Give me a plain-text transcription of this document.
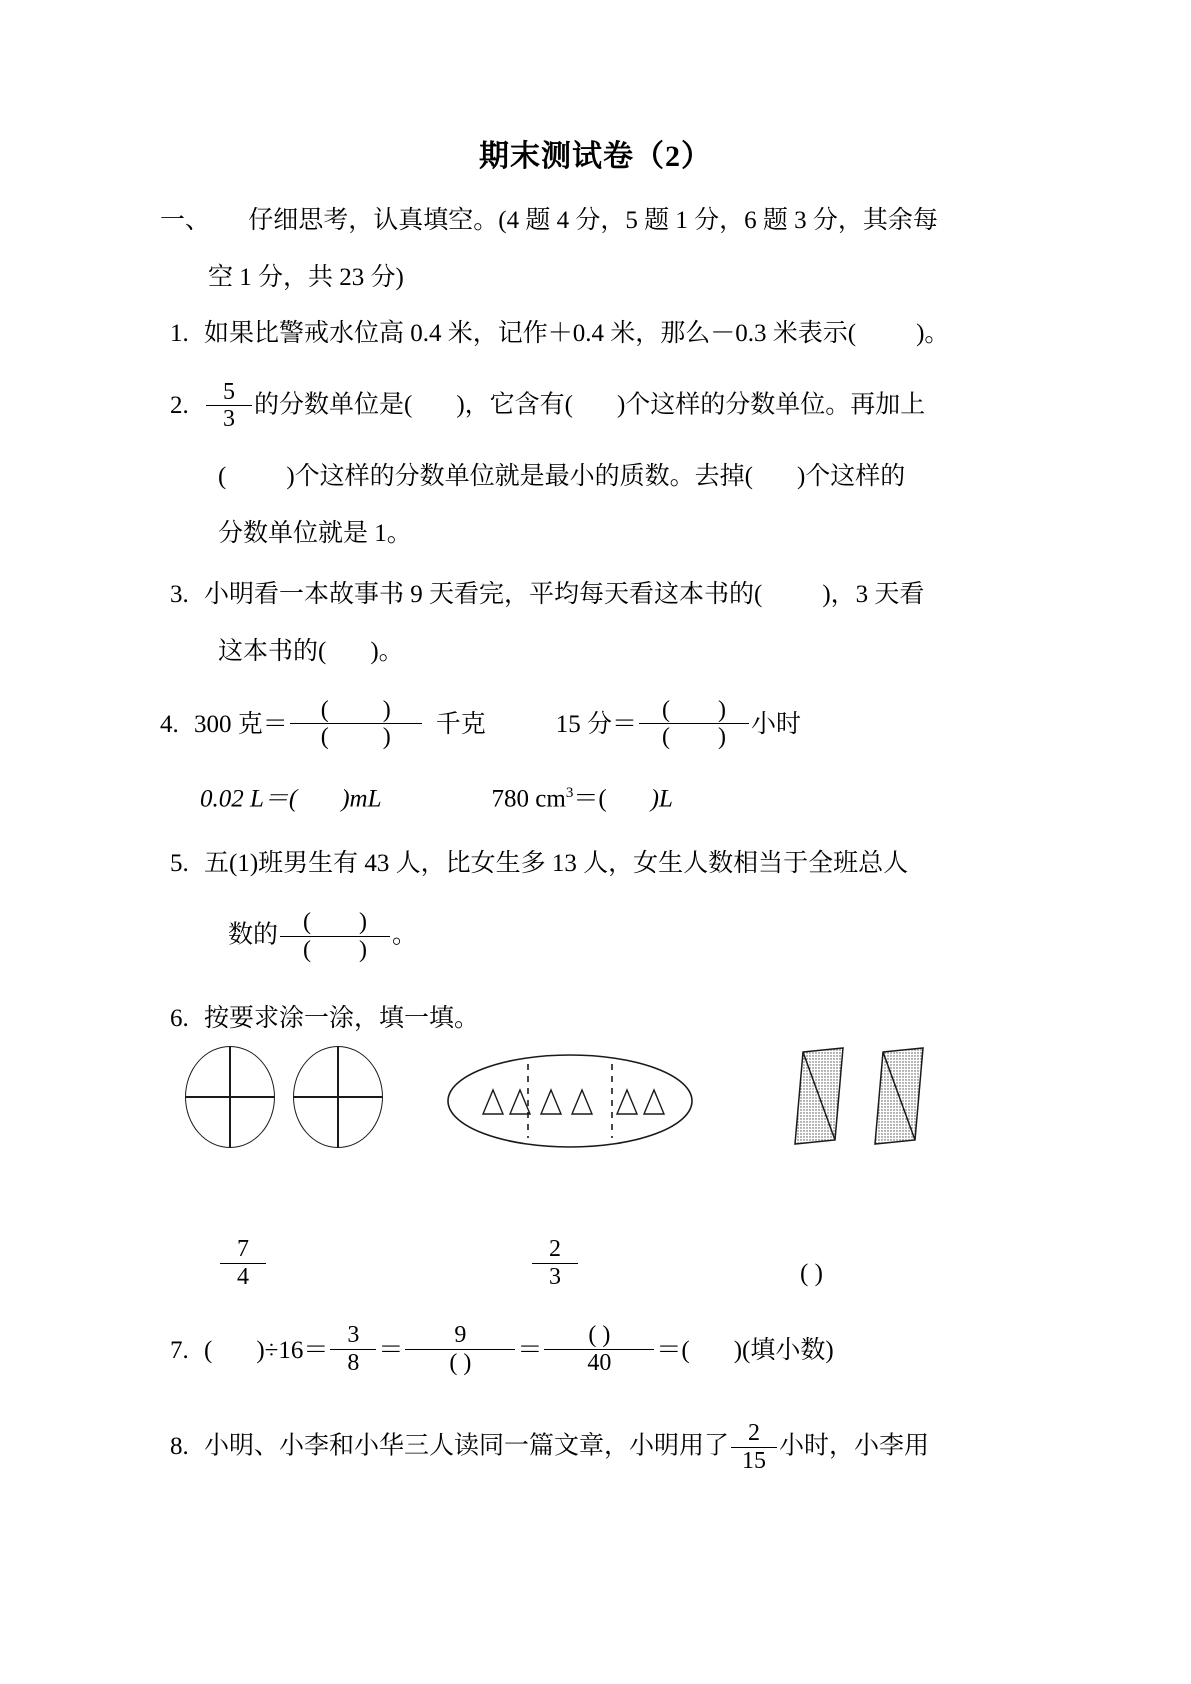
期末测试卷（2）
一、 仔细思考，认真填空。(4 题 4 分，5 题 1 分，6 题 3 分，其余每
空 1 分，共 23 分)
1. 如果比警戒水位高 0.4 米，记作＋0.4 米，那么－0.3 米表示( )。
2. $\frac{5}{3}$ 的分数单位是( )，它含有( )个这样的分数单位。再加上
( )个这样的分数单位就是最小的质数。去掉( )个这样的
分数单位就是 1。
3. 小明看一本故事书 9 天看完，平均每天看这本书的( )，3 天看
这本书的( )。
4. 300 克＝ $\frac{( )}{( )}$ 千克	15 分＝ $\frac{( )}{( )}$ 小时
0.02 L＝( )mL	780 $cm^3=$( )L
5. 五(1)班男生有 43 人，比女生多 13 人，女生人数相当于全班总人
数的 $\frac{( )}{( )}$ 。
6. 按要求涂一涂，填一填。
$\frac{7}{4}$	$\frac{2}{3}$	( )
7. ( )$\div 16= \frac{3}{8} = \frac{9}{( )} = \frac{( )}{40}$ ＝( )(填小数)
8. 小明、小李和小华三人读同一篇文章，小明用了 $\frac{2}{15}$ 小时，小李用
